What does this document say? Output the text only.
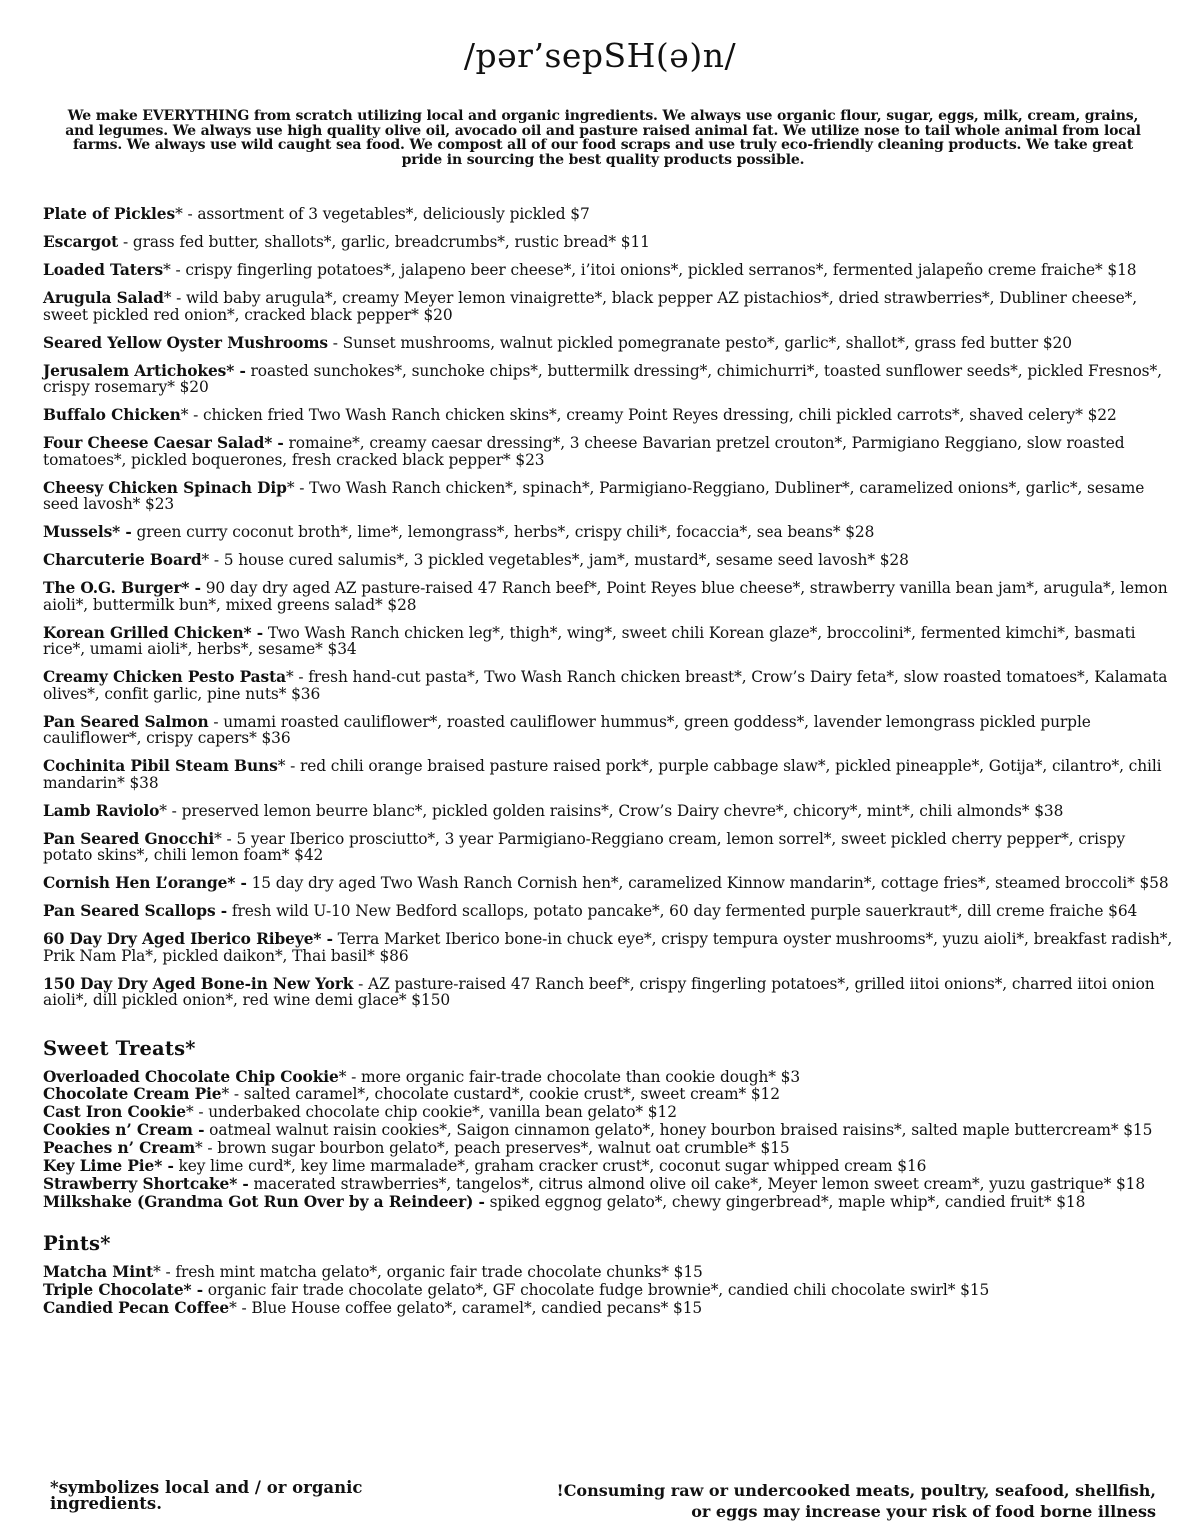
/pər’sepSH(ə)n/

We make EVERYTHING from scratch utilizing local and organic ingredients. We always use organic flour, sugar, eggs, milk, cream, grains, and legumes. We always use high quality olive oil, avocado oil and pasture raised animal fat. We utilize nose to tail whole animal from local farms. We always use wild caught sea food. We compost all of our food scraps and use truly eco-friendly cleaning products. We take great pride in sourcing the best quality products possible.

Plate of Pickles* - assortment of 3 vegetables*, deliciously pickled $7

Escargot - grass fed butter, shallots*, garlic, breadcrumbs*, rustic bread* $11

Loaded Taters* - crispy fingerling potatoes*, jalapeno beer cheese*, i’itoi onions*, pickled serranos*, fermented jalapeño creme fraiche* $18

Arugula Salad* - wild baby arugula*, creamy Meyer lemon vinaigrette*, black pepper AZ pistachios*, dried strawberries*, Dubliner cheese*, sweet pickled red onion*, cracked black pepper* $20

Seared Yellow Oyster Mushrooms - Sunset mushrooms, walnut pickled pomegranate pesto*, garlic*, shallot*, grass fed butter $20

Jerusalem Artichokes* - roasted sunchokes*, sunchoke chips*, buttermilk dressing*, chimichurri*, toasted sunflower seeds*, pickled Fresnos*, crispy rosemary* $20

Buffalo Chicken* - chicken fried Two Wash Ranch chicken skins*, creamy Point Reyes dressing, chili pickled carrots*, shaved celery* $22

Four Cheese Caesar Salad* - romaine*, creamy caesar dressing*, 3 cheese Bavarian pretzel crouton*, Parmigiano Reggiano, slow roasted tomatoes*, pickled boquerones, fresh cracked black pepper* $23

Cheesy Chicken Spinach Dip* - Two Wash Ranch chicken*, spinach*, Parmigiano-Reggiano, Dubliner*, caramelized onions*, garlic*, sesame seed lavosh* $23

Mussels* - green curry coconut broth*, lime*, lemongrass*, herbs*, crispy chili*, focaccia*, sea beans* $28

Charcuterie Board* - 5 house cured salumis*, 3 pickled vegetables*, jam*, mustard*, sesame seed lavosh* $28

The O.G. Burger* - 90 day dry aged AZ pasture-raised 47 Ranch beef*, Point Reyes blue cheese*, strawberry vanilla bean jam*, arugula*, lemon aioli*, buttermilk bun*, mixed greens salad* $28

Korean Grilled Chicken* - Two Wash Ranch chicken leg*, thigh*, wing*, sweet chili Korean glaze*, broccolini*, fermented kimchi*, basmati rice*, umami aioli*, herbs*, sesame* $34

Creamy Chicken Pesto Pasta* - fresh hand-cut pasta*, Two Wash Ranch chicken breast*, Crow’s Dairy feta*, slow roasted tomatoes*, Kalamata olives*, confit garlic, pine nuts* $36

Pan Seared Salmon - umami roasted cauliflower*, roasted cauliflower hummus*, green goddess*, lavender lemongrass pickled purple cauliflower*, crispy capers* $36

Cochinita Pibil Steam Buns* - red chili orange braised pasture raised pork*, purple cabbage slaw*, pickled pineapple*, Gotija*, cilantro*, chili mandarin* $38

Lamb Raviolo* - preserved lemon beurre blanc*, pickled golden raisins*, Crow’s Dairy chevre*, chicory*, mint*, chili almonds* $38

Pan Seared Gnocchi* - 5 year Iberico prosciutto*, 3 year Parmigiano-Reggiano cream, lemon sorrel*, sweet pickled cherry pepper*, crispy potato skins*, chili lemon foam* $42

Cornish Hen L’orange* - 15 day dry aged Two Wash Ranch Cornish hen*, caramelized Kinnow mandarin*, cottage fries*, steamed broccoli* $58

Pan Seared Scallops - fresh wild U-10 New Bedford scallops, potato pancake*, 60 day fermented purple sauerkraut*, dill creme fraiche $64

60 Day Dry Aged Iberico Ribeye* - Terra Market Iberico bone-in chuck eye*, crispy tempura oyster mushrooms*, yuzu aioli*, breakfast radish*, Prik Nam Pla*, pickled daikon*, Thai basil* $86

150 Day Dry Aged Bone-in New York - AZ pasture-raised 47 Ranch beef*, crispy fingerling potatoes*, grilled iitoi onions*, charred iitoi onion aioli*, dill pickled onion*, red wine demi glace* $150

Sweet Treats*

Overloaded Chocolate Chip Cookie* - more organic fair-trade chocolate than cookie dough* $3

Chocolate Cream Pie* - salted caramel*, chocolate custard*, cookie crust*, sweet cream* $12

Cast Iron Cookie* - underbaked chocolate chip cookie*, vanilla bean gelato* $12

Cookies n’ Cream - oatmeal walnut raisin cookies*, Saigon cinnamon gelato*, honey bourbon braised raisins*, salted maple buttercream* $15

Peaches n’ Cream* - brown sugar bourbon gelato*, peach preserves*, walnut oat crumble* $15

Key Lime Pie* - key lime curd*, key lime marmalade*, graham cracker crust*, coconut sugar whipped cream $16

Strawberry Shortcake* - macerated strawberries*, tangelos*, citrus almond olive oil cake*, Meyer lemon sweet cream*, yuzu gastrique* $18

Milkshake (Grandma Got Run Over by a Reindeer) - spiked eggnog gelato*, chewy gingerbread*, maple whip*, candied fruit* $18

Pints*

Matcha Mint* - fresh mint matcha gelato*, organic fair trade chocolate chunks* $15

Triple Chocolate* - organic fair trade chocolate gelato*, GF chocolate fudge brownie*, candied chili chocolate swirl* $15

Candied Pecan Coffee* - Blue House coffee gelato*, caramel*, candied pecans* $15

*symbolizes local and / or organic ingredients.

!Consuming raw or undercooked meats, poultry, seafood, shellfish, or eggs may increase your risk of food borne illness
